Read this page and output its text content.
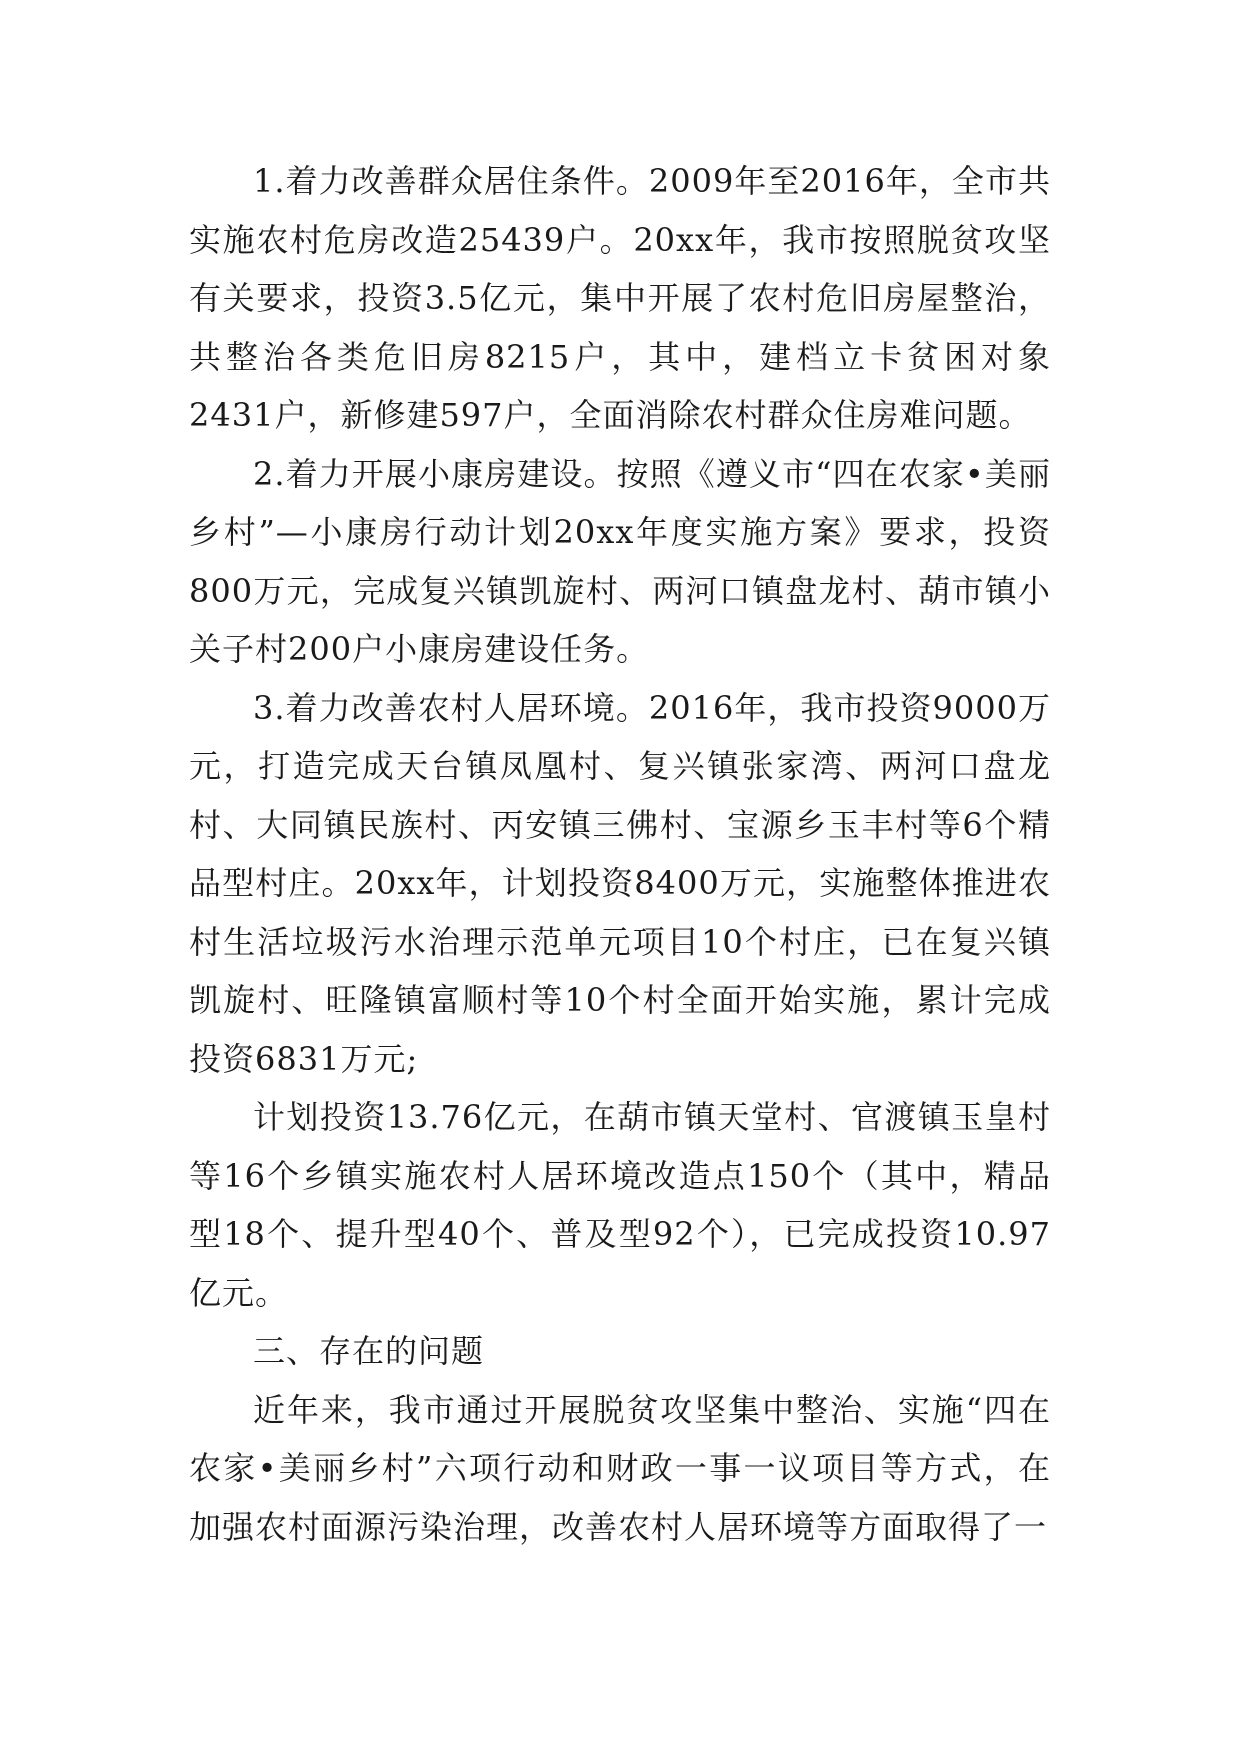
1.着力改善群众居住条件。2009年至2016年，全市共实施农村危房改造25439户。20xx年，我市按照脱贫攻坚有关要求，投资3.5亿元，集中开展了农村危旧房屋整治，共整治各类危旧房8215户，其中，建档立卡贫困对象2431户，新修建597户，全面消除农村群众住房难问题。

2.着力开展小康房建设。按照《遵义市“四在农家•美丽乡村”—小康房行动计划20xx年度实施方案》要求，投资800万元，完成复兴镇凯旋村、两河口镇盘龙村、葫市镇小关子村200户小康房建设任务。

3.着力改善农村人居环境。2016年，我市投资9000万元，打造完成天台镇凤凰村、复兴镇张家湾、两河口盘龙村、大同镇民族村、丙安镇三佛村、宝源乡玉丰村等6个精品型村庄。20xx年，计划投资8400万元，实施整体推进农村生活垃圾污水治理示范单元项目10个村庄，已在复兴镇凯旋村、旺隆镇富顺村等10个村全面开始实施，累计完成投资6831万元;

计划投资13.76亿元，在葫市镇天堂村、官渡镇玉皇村等16个乡镇实施农村人居环境改造点150个（其中，精品型18个、提升型40个、普及型92个），已完成投资10.97亿元。

三、存在的问题

近年来，我市通过开展脱贫攻坚集中整治、实施“四在农家•美丽乡村”六项行动和财政一事一议项目等方式，在加强农村面源污染治理，改善农村人居环境等方面取得了一
